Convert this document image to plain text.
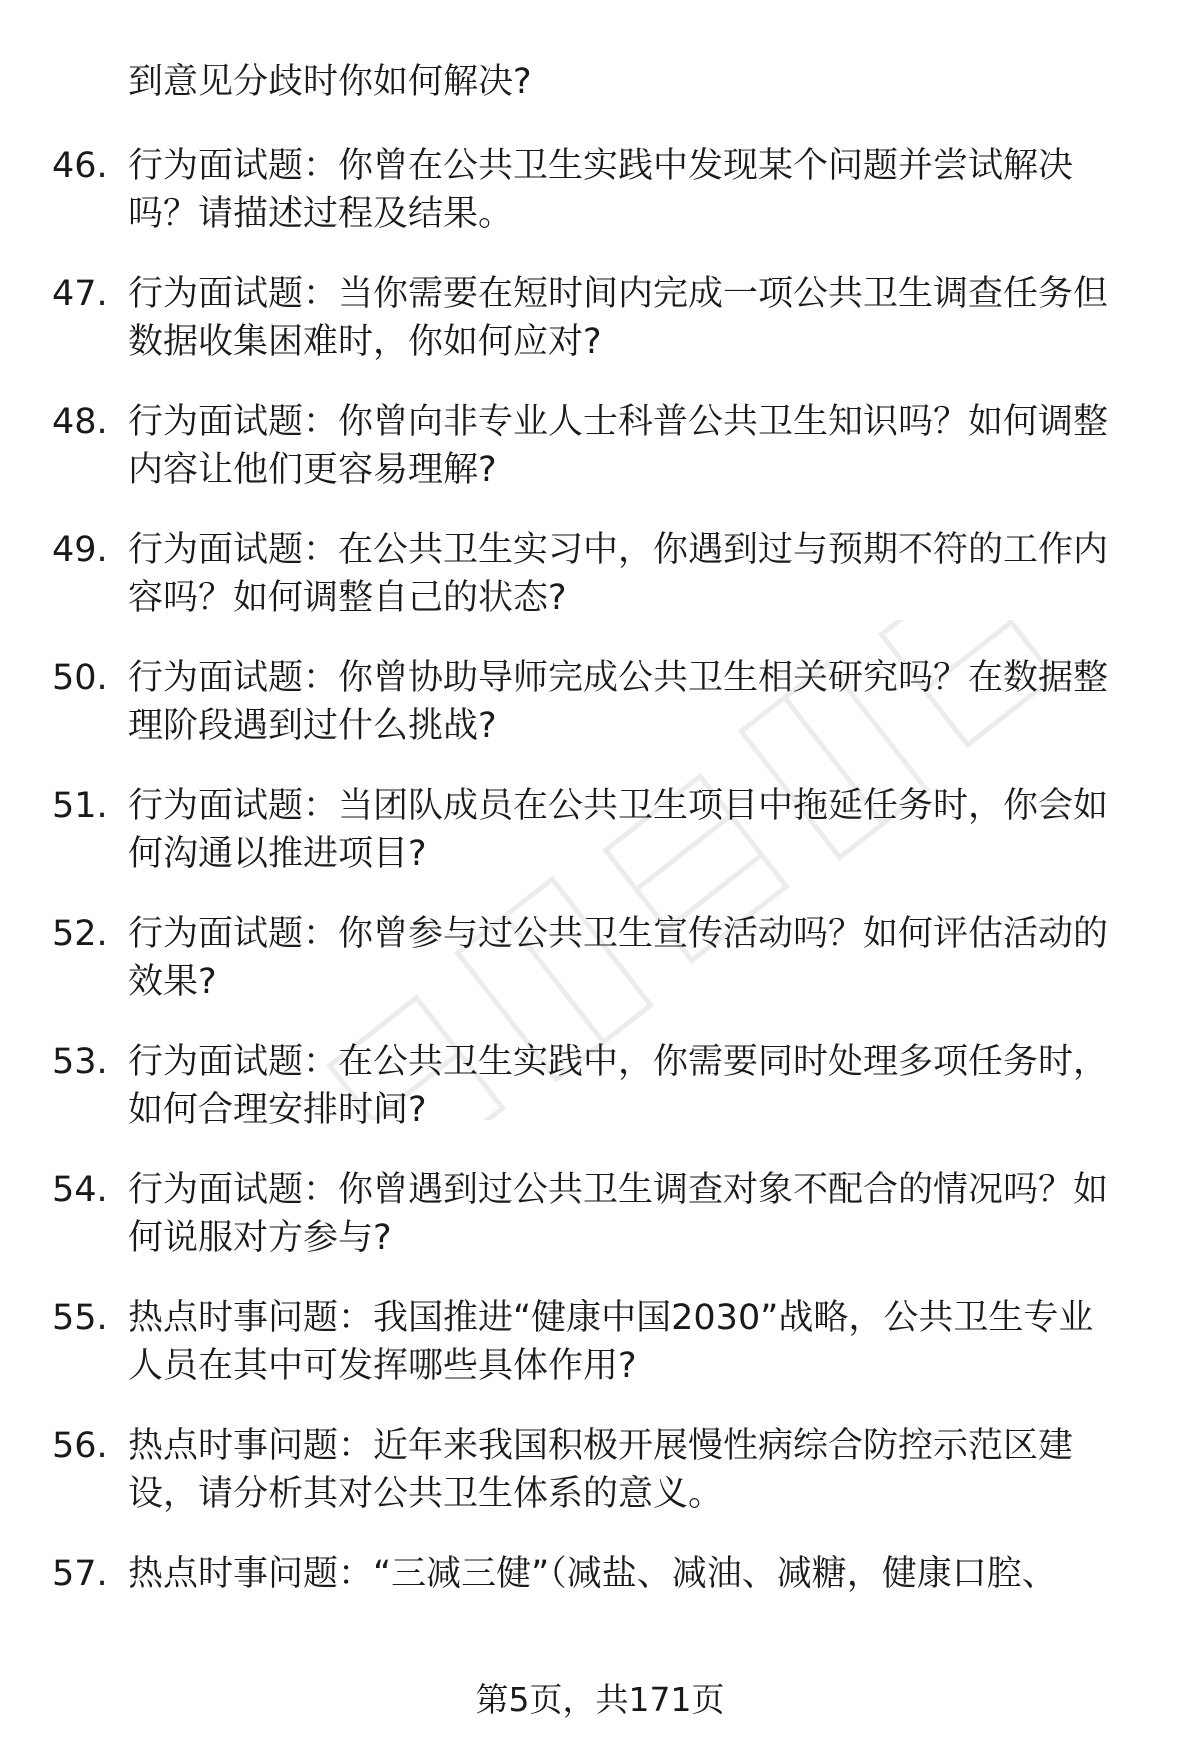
到意见分歧时你如何解决?
46. 行为面试题：你曾在公共卫生实践中发现某个问题并尝试解决
吗？请描述过程及结果。
47. 行为面试题：当你需要在短时间内完成一项公共卫生调查任务但
数据收集困难时，你如何应对?
48. 行为面试题：你曾向非专业人士科普公共卫生知识吗？如何调整
内容让他们更容易理解?
49. 行为面试题：在公共卫生实习中，你遇到过与预期不符的工作内
容吗？如何调整自己的状态?
50. 行为面试题：你曾协助导师完成公共卫生相关研究吗？在数据整
理阶段遇到过什么挑战?
51. 行为面试题：当团队成员在公共卫生项目中拖延任务时，你会如
何沟通以推进项目?
52. 行为面试题：你曾参与过公共卫生宣传活动吗？如何评估活动的
效果?
53. 行为面试题：在公共卫生实践中，你需要同时处理多项任务时，
如何合理安排时间?
54. 行为面试题：你曾遇到过公共卫生调查对象不配合的情况吗？如
何说服对方参与?
55. 热点时事问题：我国推进“健康中国2030”战略，公共卫生专业
人员在其中可发挥哪些具体作用?
56. 热点时事问题：近年来我国积极开展慢性病综合防控示范区建
设，请分析其对公共卫生体系的意义。
57. 热点时事问题：“三减三健”（减盐、减油、减糖，健康口腔、
第5页，共171页
